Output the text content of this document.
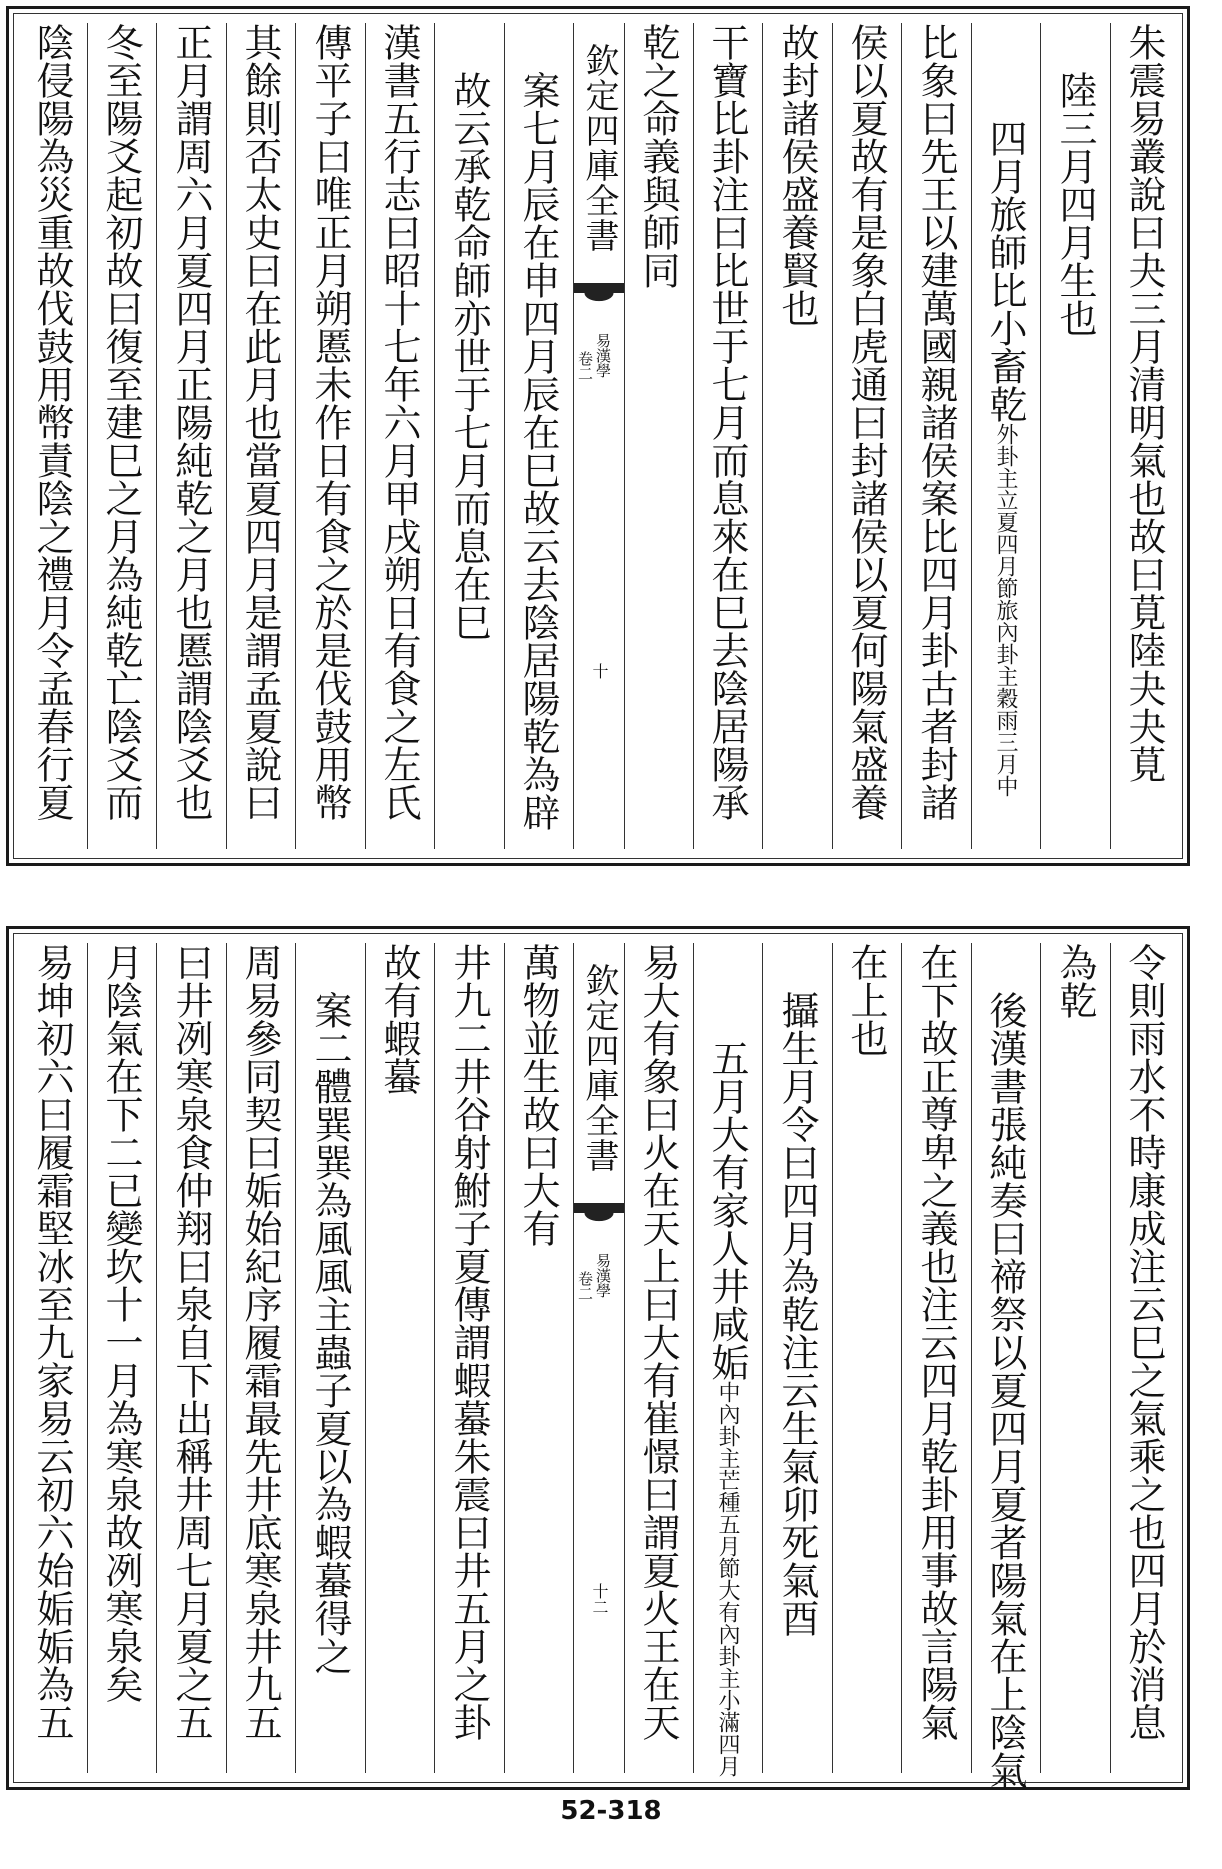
朱震易叢說曰夬三月清明氣也故曰莧陸夬夬莧
陸三月四月生也
四月旅師比小畜乾
旅內卦主穀雨三月中
外卦主立夏四月節
比象曰先王以建萬國親諸侯案比四月卦古者封諸
侯以夏故有是象白虎通曰封諸侯以夏何陽氣盛養
故封諸侯盛養賢也
干寶比卦注曰比世于七月而息來在巳去陰居陽承
乾之命義與師同
欽定四庫全書
易漢學
卷二
十
案七月辰在申四月辰在巳故云去陰居陽乾為辟
故云承乾命師亦世于七月而息在巳
漢書五行志曰昭十七年六月甲戌朔日有食之左氏
傳平子曰唯正月朔慝未作日有食之於是伐鼓用幣
其餘則否太史曰在此月也當夏四月是謂孟夏說曰
正月謂周六月夏四月正陽純乾之月也慝謂陰爻也
冬至陽爻起初故曰復至建巳之月為純乾亡陰爻而
陰侵陽為災重故伐鼓用幣責陰之禮月令孟春行夏
令則雨水不時康成注云巳之氣乘之也四月於消息
為乾
後漢書張純奏曰禘祭以夏四月夏者陽氣在上陰氣
在下故正尊卑之義也注云四月乾卦用事故言陽氣
在上也
攝生月令曰四月為乾注云生氣卯死氣酉
五月大有家人井咸姤
大有內卦主小滿四月
中內卦主芒種五月節
易大有象曰火在天上曰大有崔憬曰謂夏火王在天
欽定四庫全書
易漢學
卷二
十二
萬物並生故曰大有
井九二井谷射鮒子夏傳謂蝦蟇朱震曰井五月之卦
故有蝦蟇
案二體巽巽為風風主蟲子夏以為蝦蟇得之
周易參同契曰姤始紀序履霜最先井底寒泉井九五
曰井冽寒泉食仲翔曰泉自下出稱井周七月夏之五
月陰氣在下二已變坎十一月為寒泉故冽寒泉矣
易坤初六曰履霜堅冰至九家易云初六始姤姤為五
52-318
